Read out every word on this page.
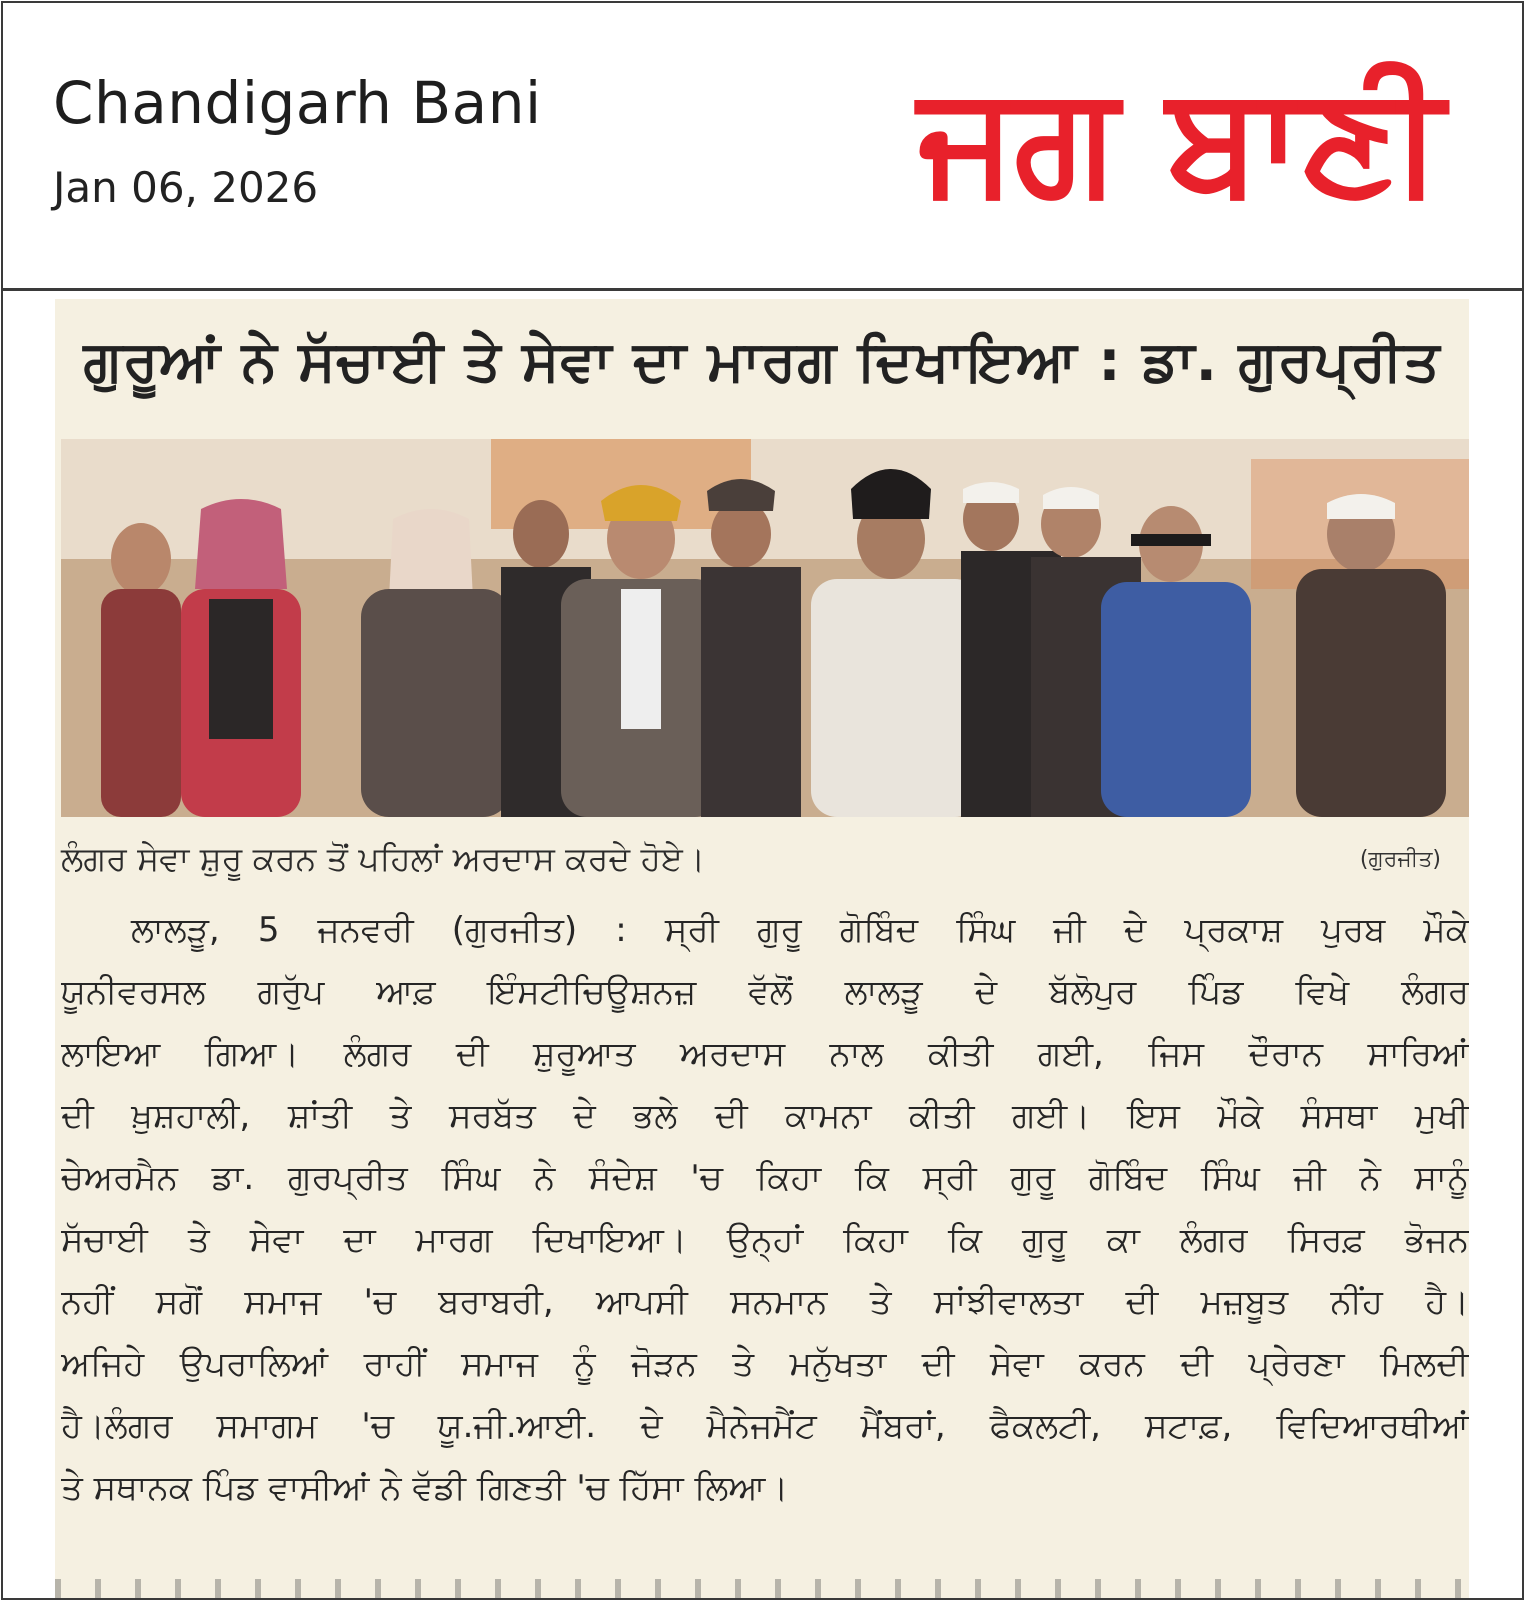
Chandigarh Bani
Jan 06, 2026	ਜਗ ਬਾਣੀ
ਗੁਰੂਆਂ ਨੇ ਸੱਚਾਈ ਤੇ ਸੇਵਾ ਦਾ ਮਾਰਗ ਦਿਖਾਇਆ : ਡਾ. ਗੁਰਪ੍ਰੀਤ
ਲੰਗਰ ਸੇਵਾ ਸ਼ੁਰੂ ਕਰਨ ਤੋਂ ਪਹਿਲਾਂ ਅਰਦਾਸ ਕਰਦੇ ਹੋਏ।	(ਗੁਰਜੀਤ)
ਲਾਲੜੂ, 5 ਜਨਵਰੀ (ਗੁਰਜੀਤ) : ਸ੍ਰੀ ਗੁਰੂ ਗੋਬਿੰਦ ਸਿੰਘ ਜੀ ਦੇ ਪ੍ਰਕਾਸ਼ ਪੁਰਬ ਮੌਕੇ
ਯੂਨੀਵਰਸਲ ਗਰੁੱਪ ਆਫ਼ ਇੰਸਟੀਚਿਊਸ਼ਨਜ਼ ਵੱਲੋਂ ਲਾਲੜੂ ਦੇ ਬੱਲੋਪੁਰ ਪਿੰਡ ਵਿਖੇ ਲੰਗਰ
ਲਾਇਆ ਗਿਆ। ਲੰਗਰ ਦੀ ਸ਼ੁਰੂਆਤ ਅਰਦਾਸ ਨਾਲ ਕੀਤੀ ਗਈ, ਜਿਸ ਦੌਰਾਨ ਸਾਰਿਆਂ
ਦੀ ਖ਼ੁਸ਼ਹਾਲੀ, ਸ਼ਾਂਤੀ ਤੇ ਸਰਬੱਤ ਦੇ ਭਲੇ ਦੀ ਕਾਮਨਾ ਕੀਤੀ ਗਈ। ਇਸ ਮੌਕੇ ਸੰਸਥਾ ਮੁਖੀ
ਚੇਅਰਮੈਨ ਡਾ. ਗੁਰਪ੍ਰੀਤ ਸਿੰਘ ਨੇ ਸੰਦੇਸ਼ 'ਚ ਕਿਹਾ ਕਿ ਸ੍ਰੀ ਗੁਰੂ ਗੋਬਿੰਦ ਸਿੰਘ ਜੀ ਨੇ ਸਾਨੂੰ
ਸੱਚਾਈ ਤੇ ਸੇਵਾ ਦਾ ਮਾਰਗ ਦਿਖਾਇਆ। ਉਨ੍ਹਾਂ ਕਿਹਾ ਕਿ ਗੁਰੂ ਕਾ ਲੰਗਰ ਸਿਰਫ਼ ਭੋਜਨ
ਨਹੀਂ ਸਗੋਂ ਸਮਾਜ 'ਚ ਬਰਾਬਰੀ, ਆਪਸੀ ਸਨਮਾਨ ਤੇ ਸਾਂਝੀਵਾਲਤਾ ਦੀ ਮਜ਼ਬੂਤ ਨੀਂਹ ਹੈ।
ਅਜਿਹੇ ਉਪਰਾਲਿਆਂ ਰਾਹੀਂ ਸਮਾਜ ਨੂੰ ਜੋੜਨ ਤੇ ਮਨੁੱਖਤਾ ਦੀ ਸੇਵਾ ਕਰਨ ਦੀ ਪ੍ਰੇਰਣਾ ਮਿਲਦੀ
ਹੈ।ਲੰਗਰ ਸਮਾਗਮ 'ਚ ਯੂ.ਜੀ.ਆਈ. ਦੇ ਮੈਨੇਜਮੈਂਟ ਮੈਂਬਰਾਂ, ਫੈਕਲਟੀ, ਸਟਾਫ਼, ਵਿਦਿਆਰਥੀਆਂ
ਤੇ ਸਥਾਨਕ ਪਿੰਡ ਵਾਸੀਆਂ ਨੇ ਵੱਡੀ ਗਿਣਤੀ 'ਚ ਹਿੱਸਾ ਲਿਆ।
